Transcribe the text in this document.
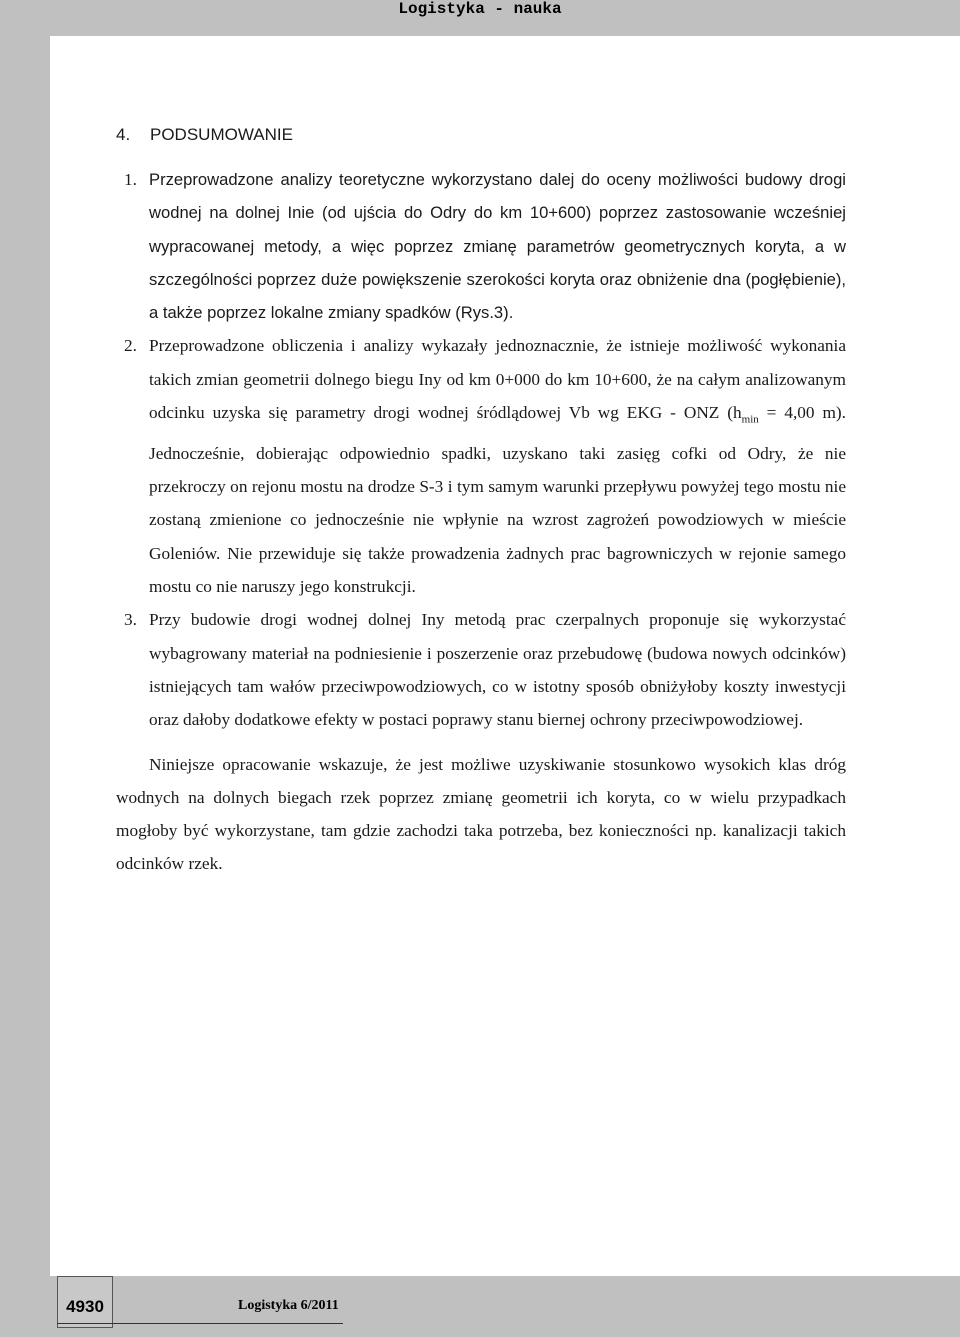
Logistyka - nauka
4. PODSUMOWANIE
1. Przeprowadzone analizy teoretyczne wykorzystano dalej do oceny możliwości budowy drogi wodnej na dolnej Inie (od ujścia do Odry do km 10+600) poprzez zastosowanie wcześniej wypracowanej metody, a więc poprzez zmianę parametrów geometrycznych koryta, a w szczególności poprzez duże powiększenie szerokości koryta oraz obniżenie dna (pogłębienie), a także poprzez lokalne zmiany spadków (Rys.3).
2. Przeprowadzone obliczenia i analizy wykazały jednoznacznie, że istnieje możliwość wykonania takich zmian geometrii dolnego biegu Iny od km 0+000 do km 10+600, że na całym analizowanym odcinku uzyska się parametry drogi wodnej śródlądowej Vb wg EKG - ONZ ($h_{min} = 4,00$ m). Jednocześnie, dobierając odpowiednio spadki, uzyskano taki zasięg cofki od Odry, że nie przekroczy on rejonu mostu na drodze S-3 i tym samym warunki przepływu powyżej tego mostu nie zostaną zmienione co jednocześnie nie wpłynie na wzrost zagrożeń powodziowych w mieście Goleniów. Nie przewiduje się także prowadzenia żadnych prac bagrowniczych w rejonie samego mostu co nie naruszy jego konstrukcji.
3. Przy budowie drogi wodnej dolnej Iny metodą prac czerpalnych proponuje się wykorzystać wybagrowany materiał na podniesienie i poszerzenie oraz przebudowę (budowa nowych odcinków) istniejących tam wałów przeciwpowodziowych, co w istotny sposób obniżyłoby koszty inwestycji oraz dałoby dodatkowe efekty w postaci poprawy stanu biernej ochrony przeciwpowodziowej.

Niniejsze opracowanie wskazuje, że jest możliwe uzyskiwanie stosunkowo wysokich klas dróg wodnych na dolnych biegach rzek poprzez zmianę geometrii ich koryta, co w wielu przypadkach mogłoby być wykorzystane, tam gdzie zachodzi taka potrzeba, bez konieczności np. kanalizacji takich odcinków rzek.

4930	Logistyka 6/2011
